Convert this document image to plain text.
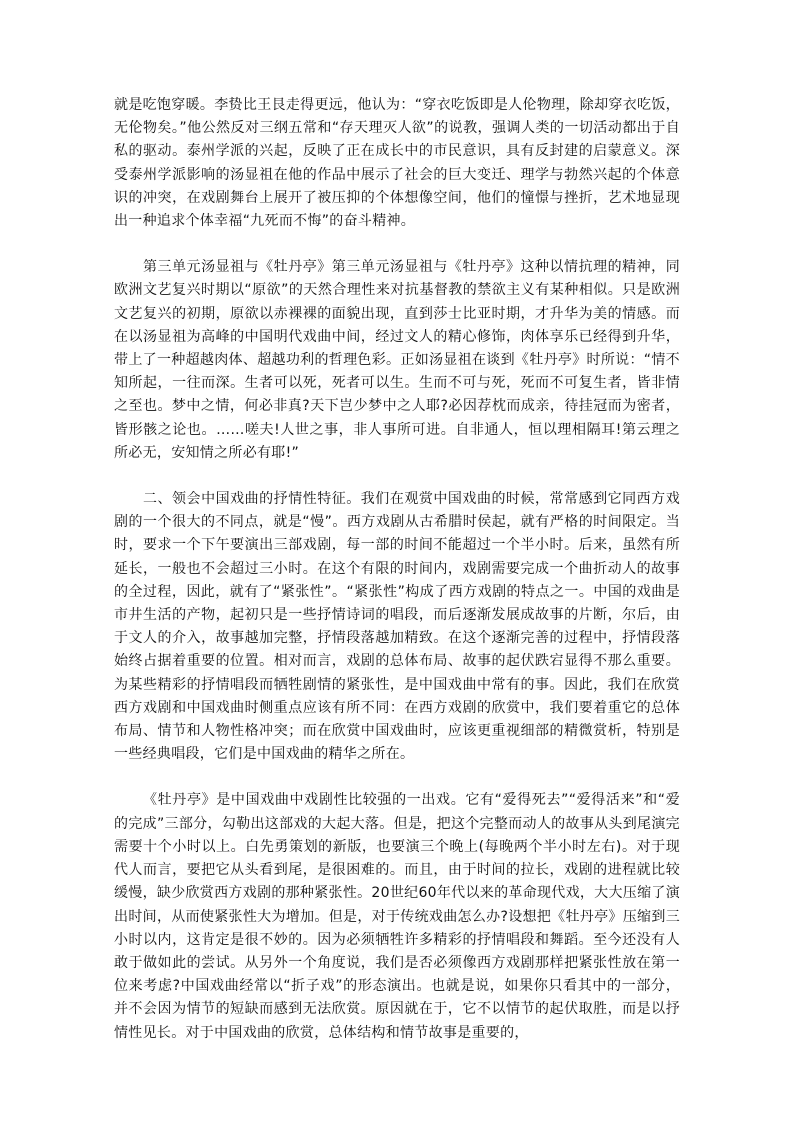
就是吃饱穿暖。李贽比王艮走得更远，他认为：“穿衣吃饭即是人伦物理，除却穿衣吃饭，无伦物矣。”他公然反对三纲五常和“存天理灭人欲”的说教，强调人类的一切活动都出于自私的驱动。泰州学派的兴起，反映了正在成长中的市民意识，具有反封建的启蒙意义。深受泰州学派影响的汤显祖在他的作品中展示了社会的巨大变迁、理学与勃然兴起的个体意识的冲突，在戏剧舞台上展开了被压抑的个体想像空间，他们的憧憬与挫折，艺术地显现出一种追求个体幸福“九死而不悔”的奋斗精神。

第三单元汤显祖与《牡丹亭》第三单元汤显祖与《牡丹亭》这种以情抗理的精神，同欧洲文艺复兴时期以“原欲”的天然合理性来对抗基督教的禁欲主义有某种相似。只是欧洲文艺复兴的初期，原欲以赤裸裸的面貌出现，直到莎士比亚时期，才升华为美的情感。而在以汤显祖为高峰的中国明代戏曲中间，经过文人的精心修饰，肉体享乐已经得到升华，带上了一种超越肉体、超越功利的哲理色彩。正如汤显祖在谈到《牡丹亭》时所说：“情不知所起，一往而深。生者可以死，死者可以生。生而不可与死，死而不可复生者，皆非情之至也。梦中之情，何必非真?天下岂少梦中之人耶?必因荐枕而成亲，待挂冠而为密者，皆形骸之论也。……嗟夫!人世之事，非人事所可进。自非通人，恒以理相隔耳!第云理之所必无，安知情之所必有耶!”

二、领会中国戏曲的抒情性特征。我们在观赏中国戏曲的时候，常常感到它同西方戏剧的一个很大的不同点，就是“慢”。西方戏剧从古希腊时侯起，就有严格的时间限定。当时，要求一个下午要演出三部戏剧，每一部的时间不能超过一个半小时。后来，虽然有所延长，一般也不会超过三小时。在这个有限的时间内，戏剧需要完成一个曲折动人的故事的全过程，因此，就有了“紧张性”。“紧张性”构成了西方戏剧的特点之一。中国的戏曲是市井生活的产物，起初只是一些抒情诗词的唱段，而后逐渐发展成故事的片断，尔后，由于文人的介入，故事越加完整，抒情段落越加精致。在这个逐渐完善的过程中，抒情段落始终占据着重要的位置。相对而言，戏剧的总体布局、故事的起伏跌宕显得不那么重要。为某些精彩的抒情唱段而牺牲剧情的紧张性，是中国戏曲中常有的事。因此，我们在欣赏西方戏剧和中国戏曲时侧重点应该有所不同：在西方戏剧的欣赏中，我们要着重它的总体布局、情节和人物性格冲突；而在欣赏中国戏曲时，应该更重视细部的精微赏析，特别是一些经典唱段，它们是中国戏曲的精华之所在。

《牡丹亭》是中国戏曲中戏剧性比较强的一出戏。它有“爱得死去”“爱得活来”和“爱的完成”三部分，勾勒出这部戏的大起大落。但是，把这个完整而动人的故事从头到尾演完需要十个小时以上。白先勇策划的新版，也要演三个晚上(每晚两个半小时左右)。对于现代人而言，要把它从头看到尾，是很困难的。而且，由于时间的拉长，戏剧的进程就比较缓慢，缺少欣赏西方戏剧的那种紧张性。20世纪60年代以来的革命现代戏，大大压缩了演出时间，从而使紧张性大为增加。但是，对于传统戏曲怎么办?设想把《牡丹亭》压缩到三小时以内，这肯定是很不妙的。因为必须牺牲许多精彩的抒情唱段和舞蹈。至今还没有人敢于做如此的尝试。从另外一个角度说，我们是否必须像西方戏剧那样把紧张性放在第一位来考虑?中国戏曲经常以“折子戏”的形态演出。也就是说，如果你只看其中的一部分，并不会因为情节的短缺而感到无法欣赏。原因就在于，它不以情节的起伏取胜，而是以抒情性见长。对于中国戏曲的欣赏，总体结构和情节故事是重要的，
